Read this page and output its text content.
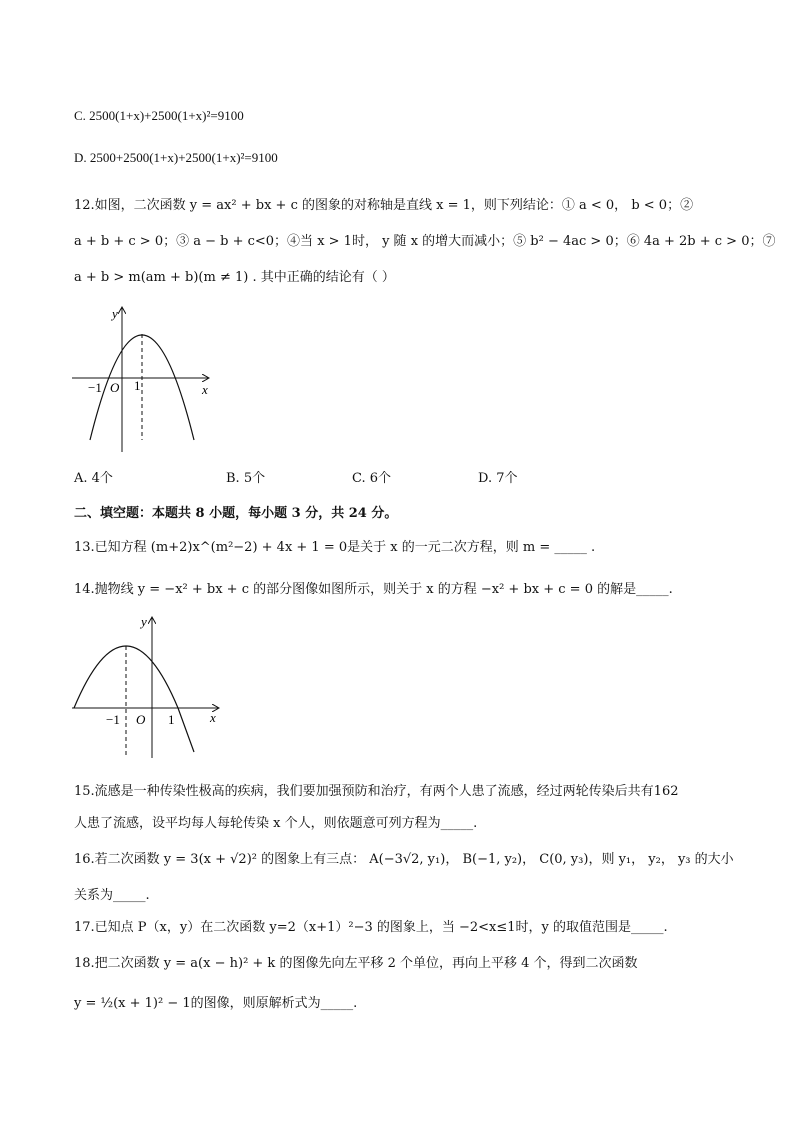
C. 2500(1+x)+2500(1+x)²=9100
D. 2500+2500(1+x)+2500(1+x)²=9100
12.如图，二次函数 y = ax² + bx + c 的图象的对称轴是直线 x = 1，则下列结论：① a < 0， b < 0；②
a + b + c > 0；③ a − b + c<0；④当 x > 1时， y 随 x 的增大而减小；⑤ b² − 4ac > 0；⑥ 4a + 2b + c > 0；⑦
a + b > m(am + b)(m ≠ 1) . 其中正确的结论有（ ）
y
x
−1 O 1
A. 4个	B. 5个	C. 6个	D. 7个
二、填空题：本题共 8 小题，每小题 3 分，共 24 分。
13.已知方程 (m+2)x^(m²−2) + 4x + 1 = 0是关于 x 的一元二次方程，则 m = _____ .
14.抛物线 y = −x² + bx + c 的部分图像如图所示，则关于 x 的方程 −x² + bx + c = 0 的解是_____.
y
x
−1 O 1
15.流感是一种传染性极高的疾病，我们要加强预防和治疗，有两个人患了流感，经过两轮传染后共有162
人患了流感，设平均每人每轮传染 x 个人，则依题意可列方程为_____.
16.若二次函数 y = 3(x + √2)² 的图象上有三点： A(−3√2, y₁)， B(−1, y₂)， C(0, y₃)，则 y₁， y₂， y₃ 的大小
关系为_____.
17.已知点 P（x，y）在二次函数 y=2（x+1）²−3 的图象上，当 −2<x≤1时，y 的取值范围是_____.
18.把二次函数 y = a(x − h)² + k 的图像先向左平移 2 个单位，再向上平移 4 个，得到二次函数
y = ½(x + 1)² − 1的图像，则原解析式为_____.
